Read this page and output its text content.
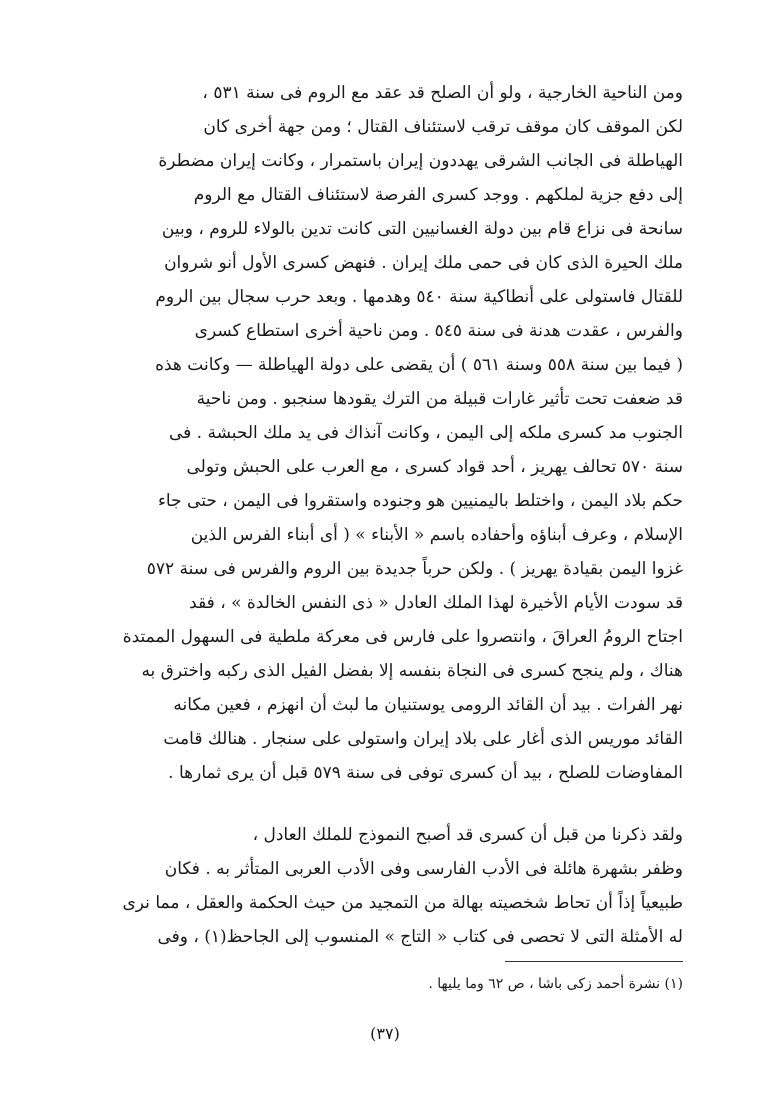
ومن الناحية الخارجية ، ولو أن الصلح قد عقد مع الروم فى سنة ٥٣١ ،
لكن الموقف كان موقف ترقب لاستئناف القتال ؛ ومن جهة أخرى كان
الهياطلة فى الجانب الشرقى يهددون إيران باستمرار ، وكانت إيران مضطرة
إلى دفع جزية لملكهم . ووجد كسرى الفرصة لاستئناف القتال مع الروم
سانحة فى نزاع قام بين دولة الغسانيين التى كانت تدين بالولاء للروم ، وبين
ملك الحيرة الذى كان فى حمى ملك إيران . فنهض كسرى الأول أنو شروان
للقتال فاستولى على أنطاكية سنة ٥٤٠ وهدمها . وبعد حرب سجال بين الروم
والفرس ، عقدت هدنة فى سنة ٥٤٥ . ومن ناحية أخرى استطاع كسرى
( فيما بين سنة ٥٥٨ وسنة ٥٦١ ) أن يقضى على دولة الهياطلة — وكانت هذه
قد ضعفت تحت تأثير غارات قبيلة من الترك يقودها سنجبو . ومن ناحية
الجنوب مد كسرى ملكه إلى اليمن ، وكانت آنذاك فى يد ملك الحبشة . فى
سنة ٥٧٠ تحالف يهريز ، أحد قواد كسرى ، مع العرب على الحبش وتولى
حكم بلاد اليمن ، واختلط باليمنيين هو وجنوده واستقروا فى اليمن ، حتى جاء
الإسلام ، وعرف أبناؤه وأحفاده باسم « الأبناء » ( أى أبناء الفرس الذين
غزوا اليمن بقيادة يهريز ) . ولكن حرباً جديدة بين الروم والفرس فى سنة ٥٧٢
قد سودت الأيام الأخيرة لهذا الملك العادل « ذى النفس الخالدة » ، فقد
اجتاح الرومُ العراقَ ، وانتصروا على فارس فى معركة ملطية فى السهول الممتدة
هناك ، ولم ينجح كسرى فى النجاة بنفسه إلا بفضل الفيل الذى ركبه واخترق به
نهر الفرات . بيد أن القائد الرومى يوستنيان ما لبث أن انهزم ، فعين مكانه
القائد موريس الذى أغار على بلاد إيران واستولى على سنجار . هنالك قامت
المفاوضات للصلح ، بيد أن كسرى توفى فى سنة ٥٧٩ قبل أن يرى ثمارها .
ولقد ذكرنا من قبل أن كسرى قد أصبح النموذج للملك العادل ،
وظفر بشهرة هائلة فى الأدب الفارسى وفى الأدب العربى المتأثر به . فكان
طبيعياً إذاً أن تحاط شخصيته بهالة من التمجيد من حيث الحكمة والعقل ، مما نرى
له الأمثلة التى لا تحصى فى كتاب « التاج » المنسوب إلى الجاحظ(١) ، وفى
(١) نشرة أحمد زكى باشا ، ص ٦٢ وما يليها .
(٣٧)
